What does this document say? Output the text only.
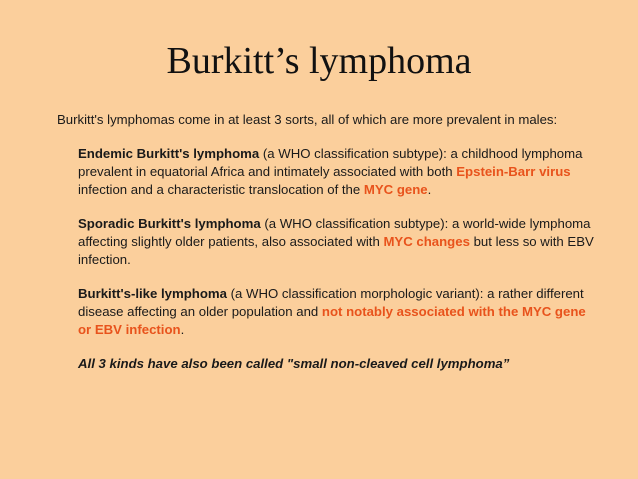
Burkitt’s lymphoma

Burkitt's lymphomas come in at least 3 sorts, all of which are more prevalent in males:

Endemic Burkitt's lymphoma (a WHO classification subtype): a childhood lymphoma prevalent in equatorial Africa and intimately associated with both Epstein-Barr virus infection and a characteristic translocation of the MYC gene.

Sporadic Burkitt's lymphoma (a WHO classification subtype): a world-wide lymphoma affecting slightly older patients, also associated with MYC changes but less so with EBV infection.

Burkitt's-like lymphoma (a WHO classification morphologic variant): a rather different disease affecting an older population and not notably associated with the MYC gene or EBV infection.

All 3 kinds have also been called "small non-cleaved cell lymphoma”
